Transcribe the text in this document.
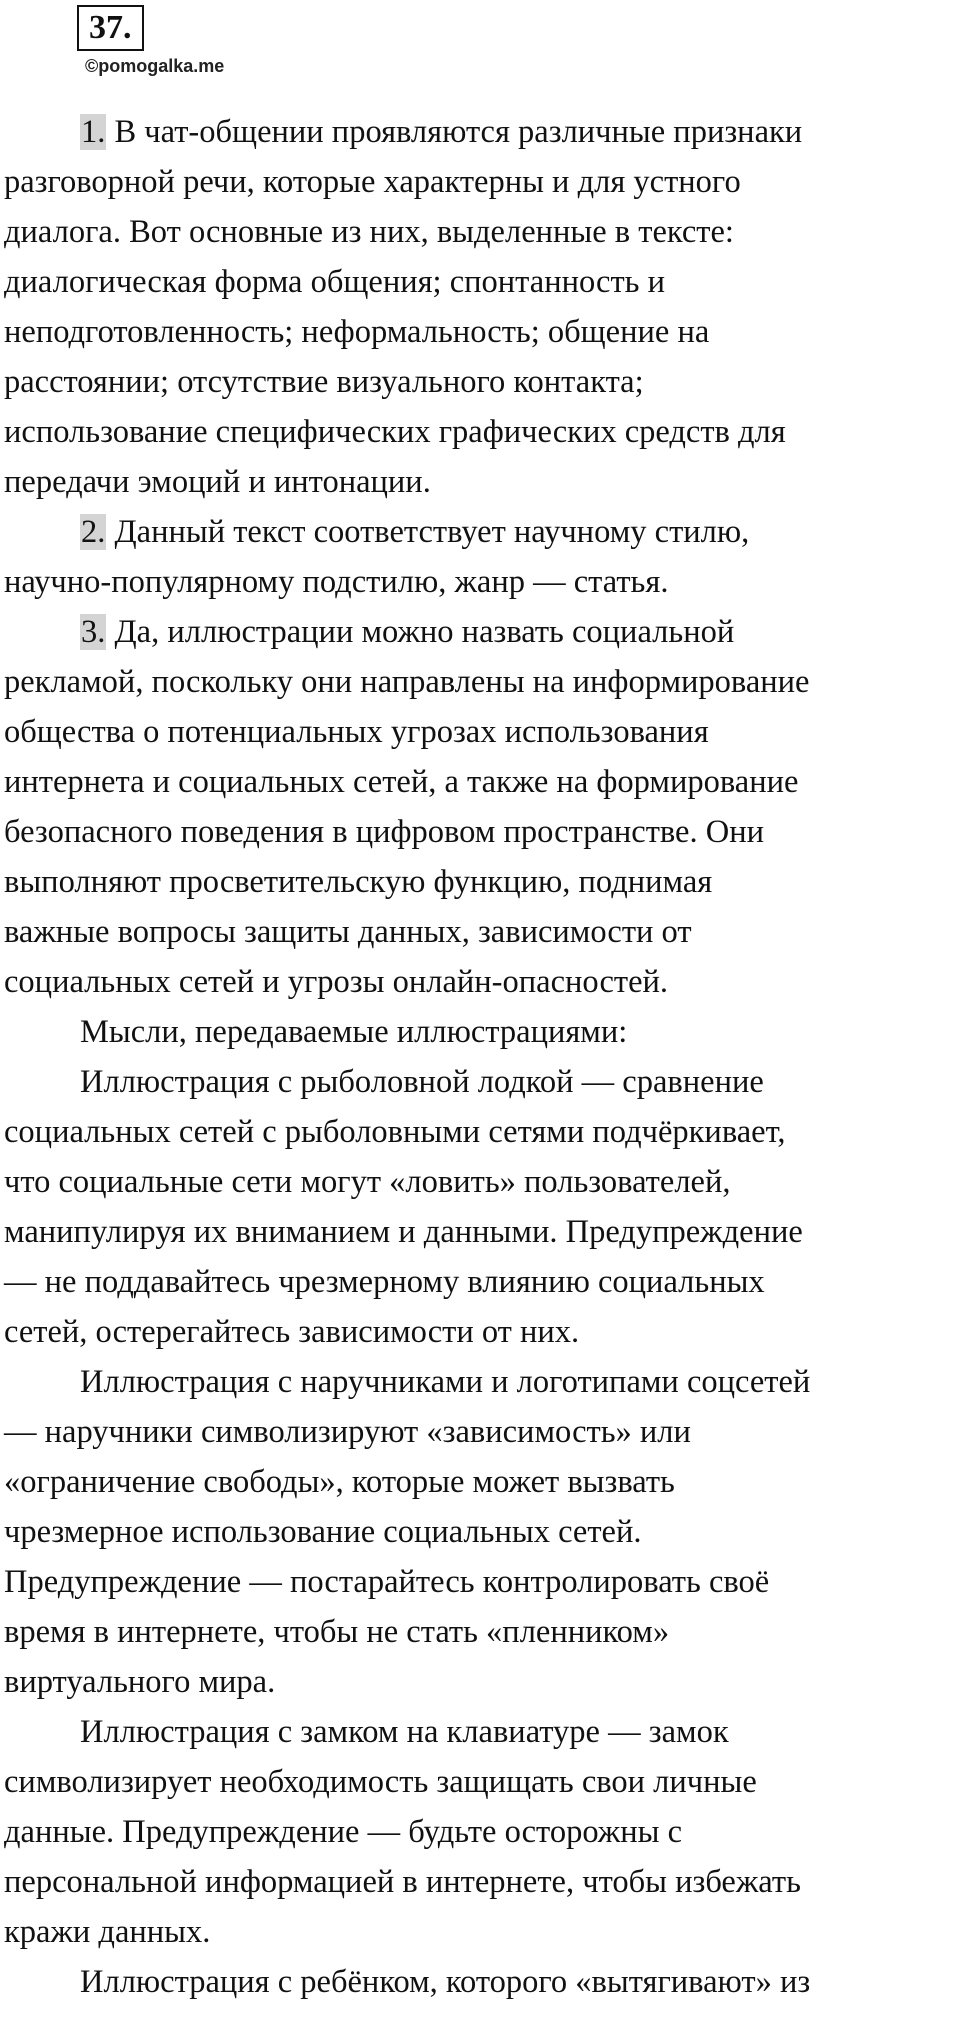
37.
©pomogalka.me

1. В чат-общении проявляются различные признаки
разговорной речи, которые характерны и для устного
диалога. Вот основные из них, выделенные в тексте:
диалогическая форма общения; спонтанность и
неподготовленность; неформальность; общение на
расстоянии; отсутствие визуального контакта;
использование специфических графических средств для
передачи эмоций и интонации.

2. Данный текст соответствует научному стилю,
научно-популярному подстилю, жанр — статья.

3. Да, иллюстрации можно назвать социальной
рекламой, поскольку они направлены на информирование
общества о потенциальных угрозах использования
интернета и социальных сетей, а также на формирование
безопасного поведения в цифровом пространстве. Они
выполняют просветительскую функцию, поднимая
важные вопросы защиты данных, зависимости от
социальных сетей и угрозы онлайн-опасностей.

Мысли, передаваемые иллюстрациями:

Иллюстрация с рыболовной лодкой — сравнение
социальных сетей с рыболовными сетями подчёркивает,
что социальные сети могут «ловить» пользователей,
манипулируя их вниманием и данными. Предупреждение
— не поддавайтесь чрезмерному влиянию социальных
сетей, остерегайтесь зависимости от них.

Иллюстрация с наручниками и логотипами соцсетей
— наручники символизируют «зависимость» или
«ограничение свободы», которые может вызвать
чрезмерное использование социальных сетей.
Предупреждение — постарайтесь контролировать своё
время в интернете, чтобы не стать «пленником»
виртуального мира.

Иллюстрация с замком на клавиатуре — замок
символизирует необходимость защищать свои личные
данные. Предупреждение — будьте осторожны с
персональной информацией в интернете, чтобы избежать
кражи данных.

Иллюстрация с ребёнком, которого «вытягивают» из
